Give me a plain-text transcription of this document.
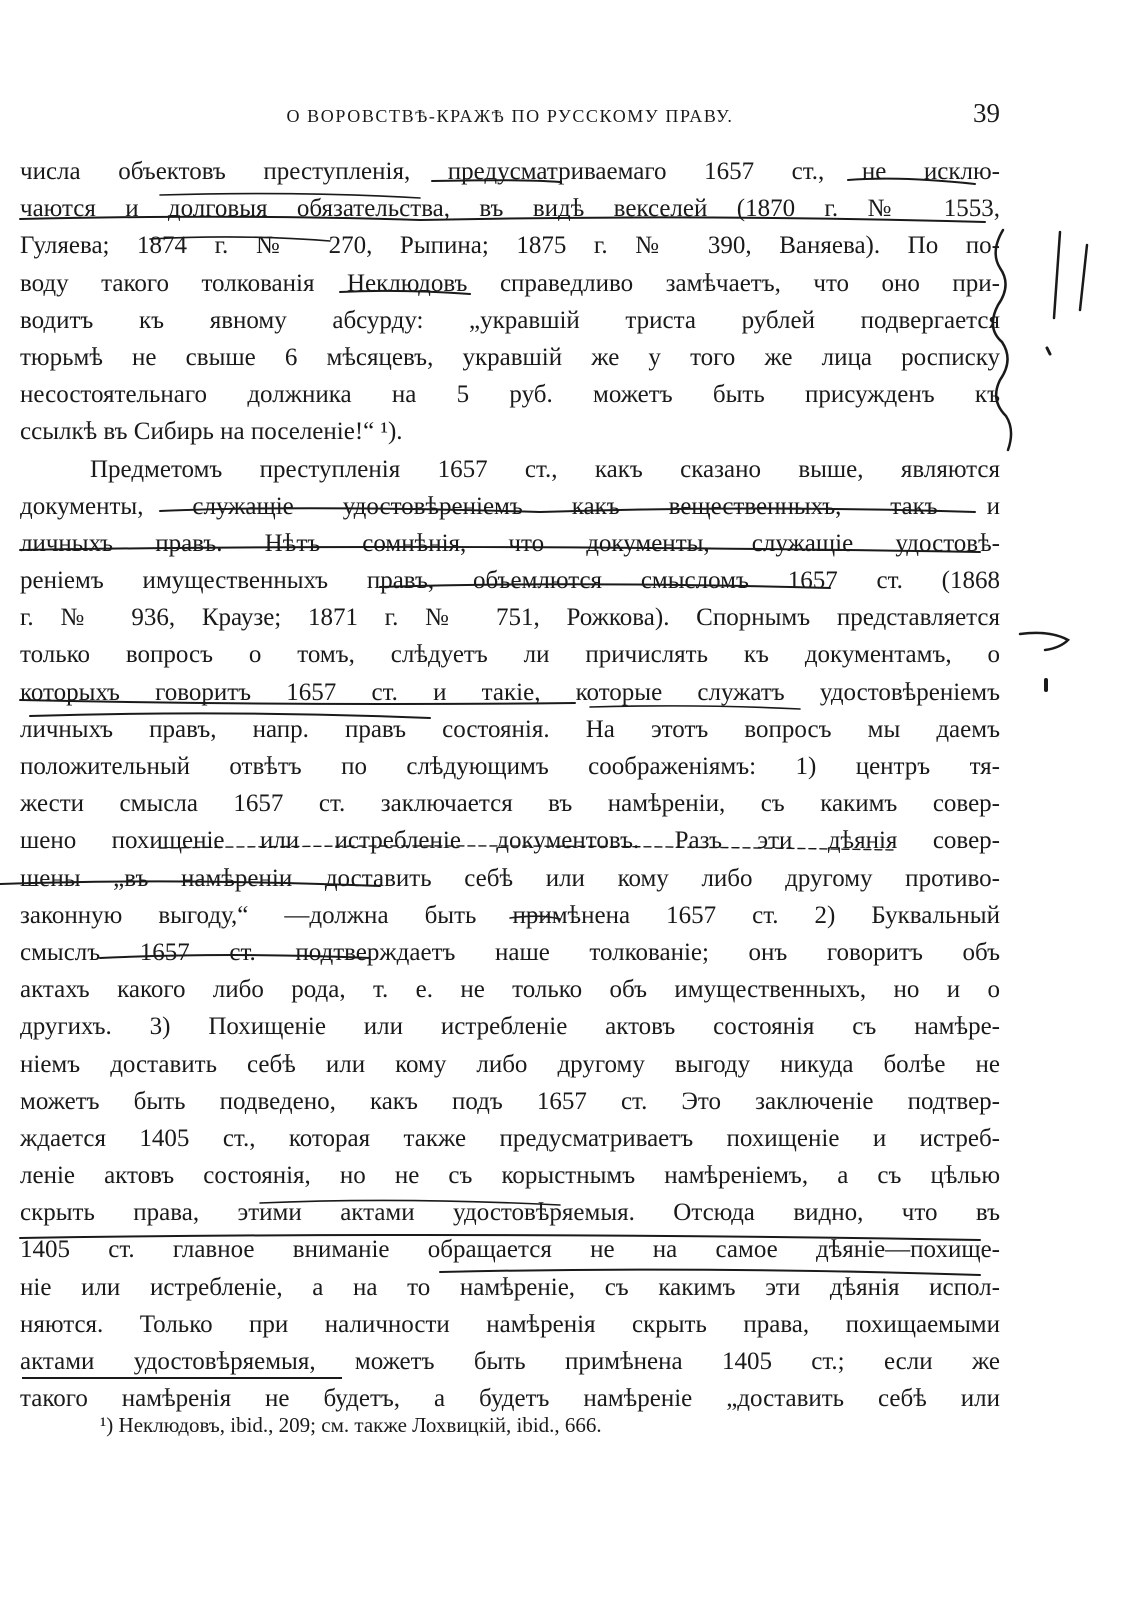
О ВОРОВСТВѢ-КРАЖѢ ПО РУССКОМУ ПРАВУ.	39
числа объектовъ преступленія, предусматриваемаго 1657 ст., не исклю-
чаются и долговыя обязательства, въ видѣ векселей (1870 г. № 1553,
Гуляева; 1874 г. № 270, Рыпина; 1875 г. № 390, Ваняева). По по-
воду такого толкованія Неклюдовъ справедливо замѣчаетъ, что оно при-
водитъ къ явному абсурду: „укравшій триста рублей подвергается
тюрьмѣ не свыше 6 мѣсяцевъ, укравшій же у того же лица росписку
несостоятельнаго должника на 5 руб. можетъ быть присужденъ къ
ссылкѣ въ Сибирь на поселеніе!“ ¹).
Предметомъ преступленія 1657 ст., какъ сказано выше, являются
документы, служащіе удостовѣреніемъ какъ вещественныхъ, такъ и
личныхъ правъ. Нѣтъ сомнѣнія, что документы, служащіе удостовѣ-
реніемъ имущественныхъ правъ, объемлются смысломъ 1657 ст. (1868
г. № 936, Краузе; 1871 г. № 751, Рожкова). Спорнымъ представляется
только вопросъ о томъ, слѣдуетъ ли причислять къ документамъ, о
которыхъ говоритъ 1657 ст. и такіе, которые служатъ удостовѣреніемъ
личныхъ правъ, напр. правъ состоянія. На этотъ вопросъ мы даемъ
положительный отвѣтъ по слѣдующимъ соображеніямъ: 1) центръ тя-
жести смысла 1657 ст. заключается въ намѣреніи, съ какимъ совер-
шено похищеніе или истребленіе документовъ. Разъ эти дѣянія совер-
шены „въ намѣреніи доставить себѣ или кому либо другому противо-
законную выгоду,“ —должна быть примѣнена 1657 ст. 2) Буквальный
смыслъ 1657 ст. подтверждаетъ наше толкованіе; онъ говоритъ объ
актахъ какого либо рода, т. е. не только объ имущественныхъ, но и о
другихъ. 3) Похищеніе или истребленіе актовъ состоянія съ намѣре-
ніемъ доставить себѣ или кому либо другому выгоду никуда болѣе не
можетъ быть подведено, какъ подъ 1657 ст. Это заключеніе подтвер-
ждается 1405 ст., которая также предусматриваетъ похищеніе и истреб-
леніе актовъ состоянія, но не съ корыстнымъ намѣреніемъ, а съ цѣлью
скрыть права, этими актами удостовѣряемыя. Отсюда видно, что въ
1405 ст. главное вниманіе обращается не на самое дѣяніе—похище-
ніе или истребленіе, а на то намѣреніе, съ какимъ эти дѣянія испол-
няются. Только при наличности намѣренія скрыть права, похищаемыми
актами удостовѣряемыя, можетъ быть примѣнена 1405 ст.; если же
такого намѣренія не будетъ, а будетъ намѣреніе „доставить себѣ или
¹) Неклюдовъ, ibid., 209; см. также Лохвицкій, ibid., 666.
